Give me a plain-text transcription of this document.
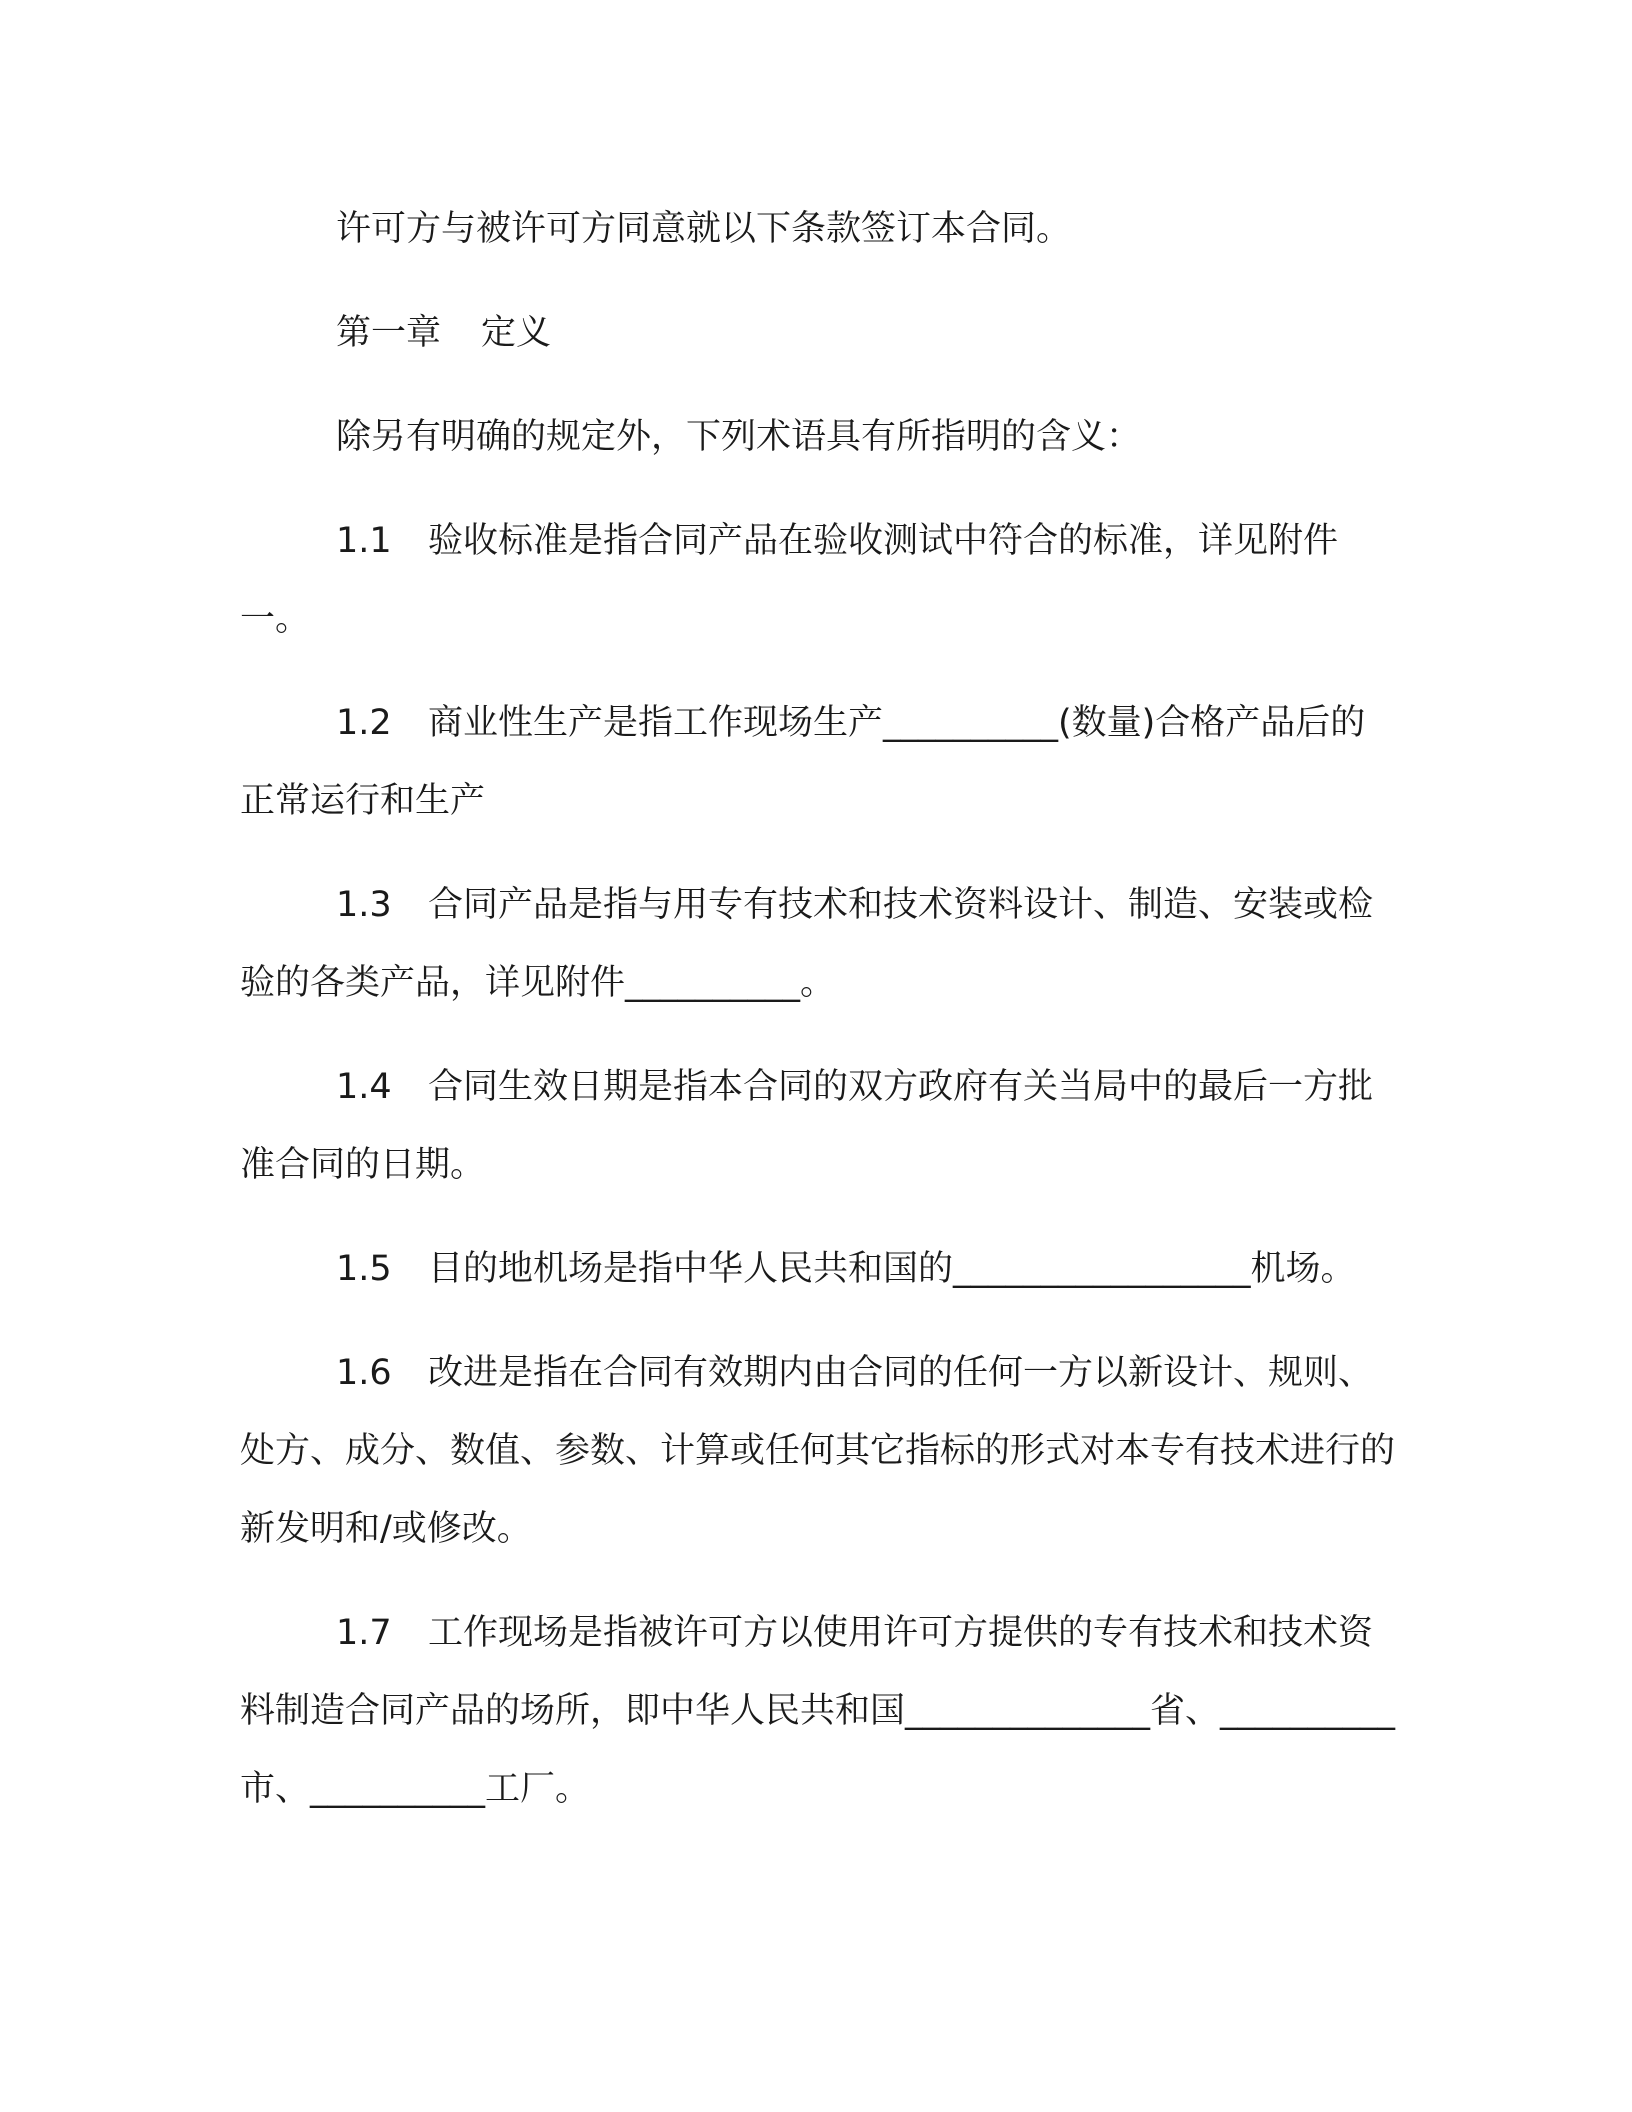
许可方与被许可方同意就以下条款签订本合同。

第一章 定义

除另有明确的规定外，下列术语具有所指明的含义：

1.1 验收标准是指合同产品在验收测试中符合的标准，详见附件一。

1.2 商业性生产是指工作现场生产__________(数量)合格产品后的正常运行和生产

1.3 合同产品是指与用专有技术和技术资料设计、制造、安装或检验的各类产品，详见附件__________。

1.4 合同生效日期是指本合同的双方政府有关当局中的最后一方批准合同的日期。

1.5 目的地机场是指中华人民共和国的_________________机场。

1.6 改进是指在合同有效期内由合同的任何一方以新设计、规则、处方、成分、数值、参数、计算或任何其它指标的形式对本专有技术进行的新发明和/或修改。

1.7 工作现场是指被许可方以使用许可方提供的专有技术和技术资料制造合同产品的场所，即中华人民共和国______________省、__________市、__________工厂。
